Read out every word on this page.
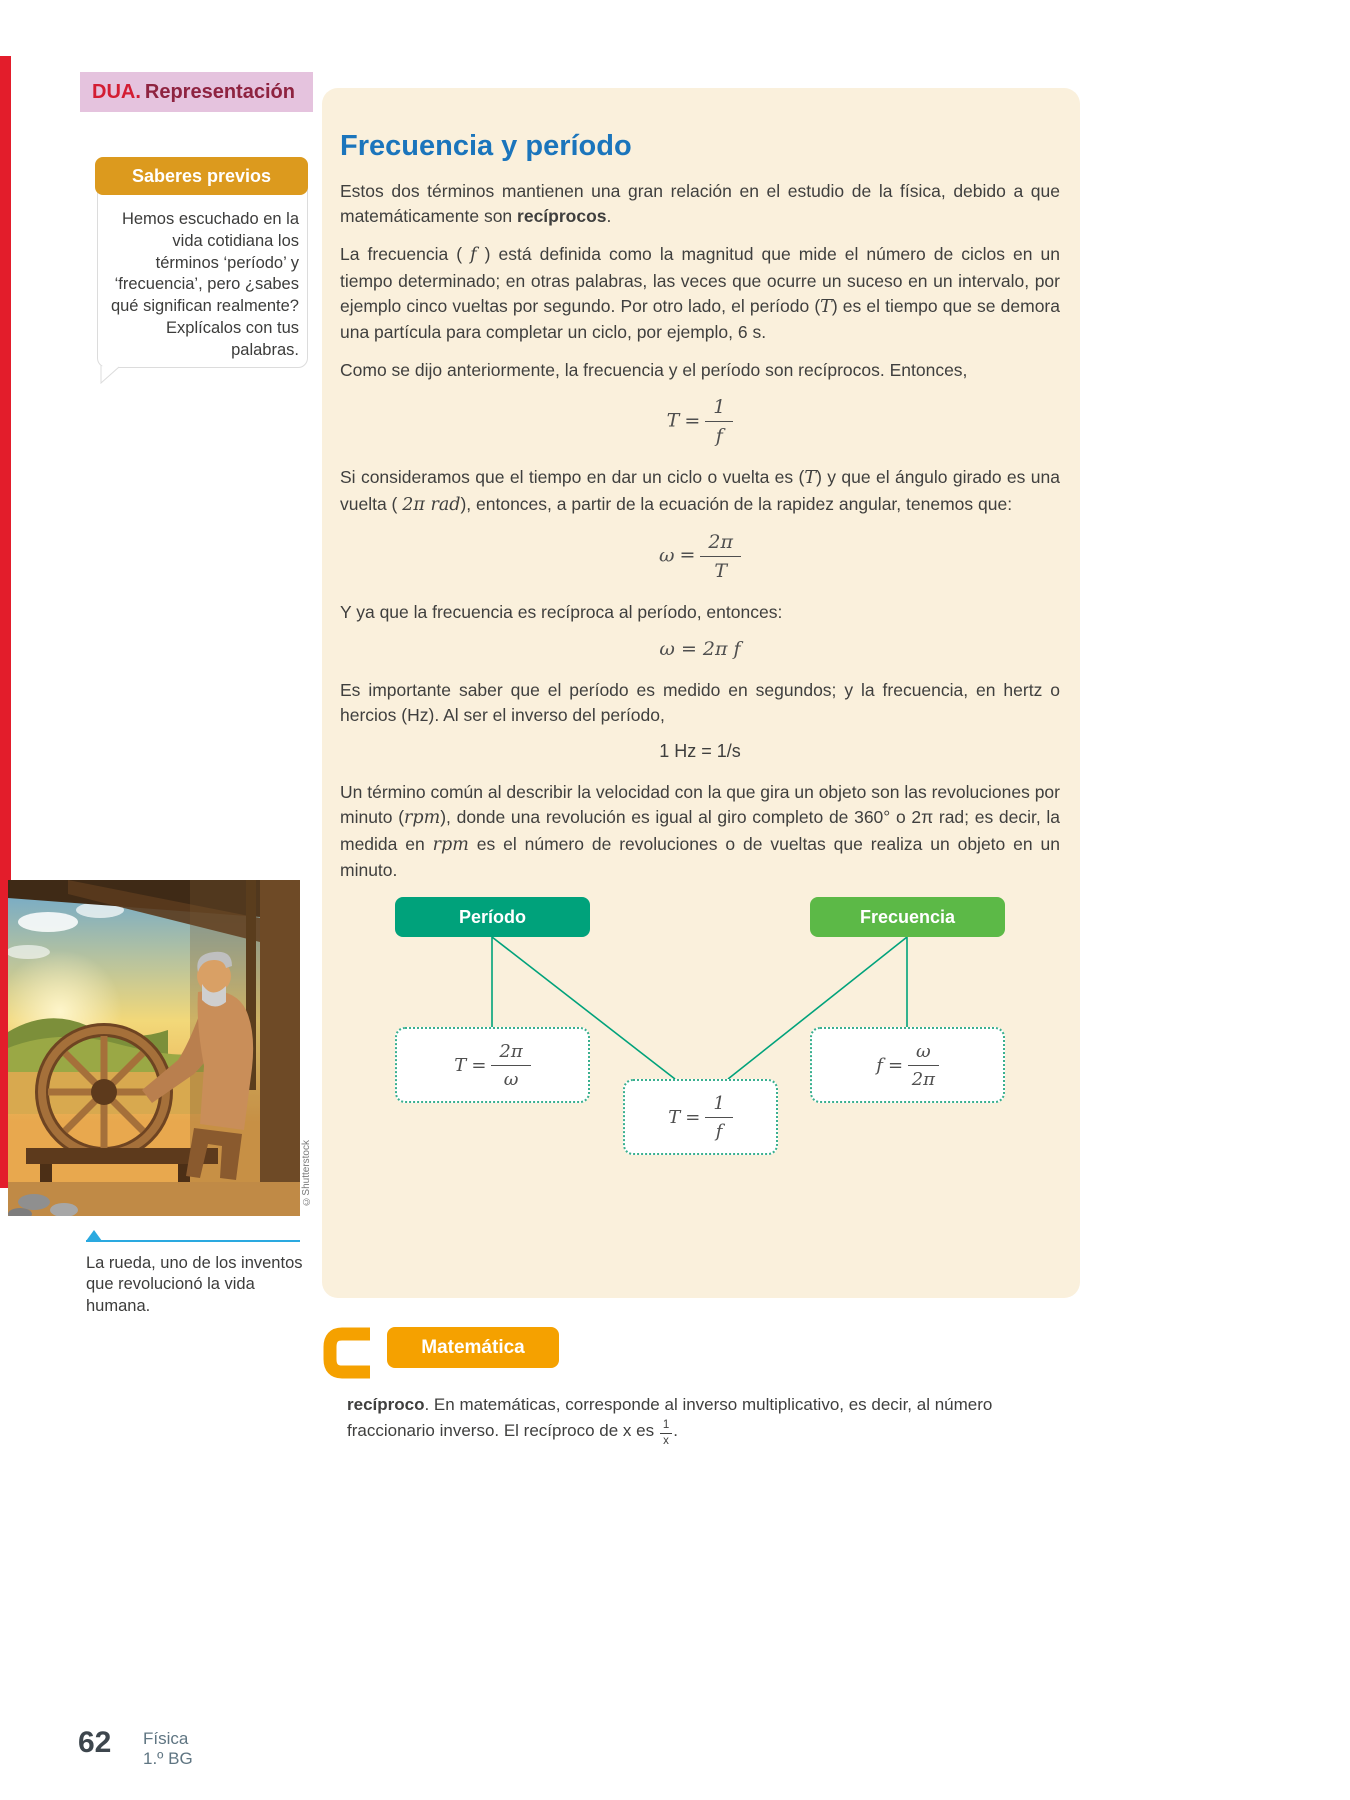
DUA. Representación
Hemos escuchado en la vida cotidiana los términos ‘período’ y ‘frecuencia’, pero ¿sabes qué significan realmente? Explícalos con tus palabras.
Saberes previos
Frecuencia y período

Estos dos términos mantienen una gran relación en el estudio de la física, debido a que matemáticamente son recíprocos.

La frecuencia ( f ) está definida como la magnitud que mide el número de ciclos en un tiempo determinado; en otras palabras, las veces que ocurre un suceso en un intervalo, por ejemplo cinco vueltas por segundo. Por otro lado, el período (T) es el tiempo que se demora una partícula para completar un ciclo, por ejemplo, 6 s.

Como se dijo anteriormente, la frecuencia y el período son recíprocos. Entonces,

$T = \frac{1}{f}$

Si consideramos que el tiempo en dar un ciclo o vuelta es (T) y que el ángulo girado es una vuelta ( 2π rad), entonces, a partir de la ecuación de la rapidez angular, tenemos que:

$\omega = \frac{2\pi}{T}$

Y ya que la frecuencia es recíproca al período, entonces:

ω = 2π f

Es importante saber que el período es medido en segundos; y la frecuencia, en hertz o hercios (Hz). Al ser el inverso del período,

1 Hz = 1/s

Un término común al describir la velocidad con la que gira un objeto son las revoluciones por minuto (rpm), donde una revolución es igual al giro completo de 360° o 2π rad; es decir, la medida en rpm es el número de revoluciones o de vueltas que realiza un objeto en un minuto.

Período	Frecuencia
$T = \frac{2\pi}{\omega}$
$T = \frac{1}{f}$
$f = \frac{\omega}{2\pi}$
©Shutterstock
La rueda, uno de los inventos que revolucionó la vida humana.
Matemática

recíproco. En matemáticas, corresponde al inverso multiplicativo, es decir, al número fraccionario inverso. El recíproco de x es $\frac{1}{x}$ .

62 Física
1.º BG
